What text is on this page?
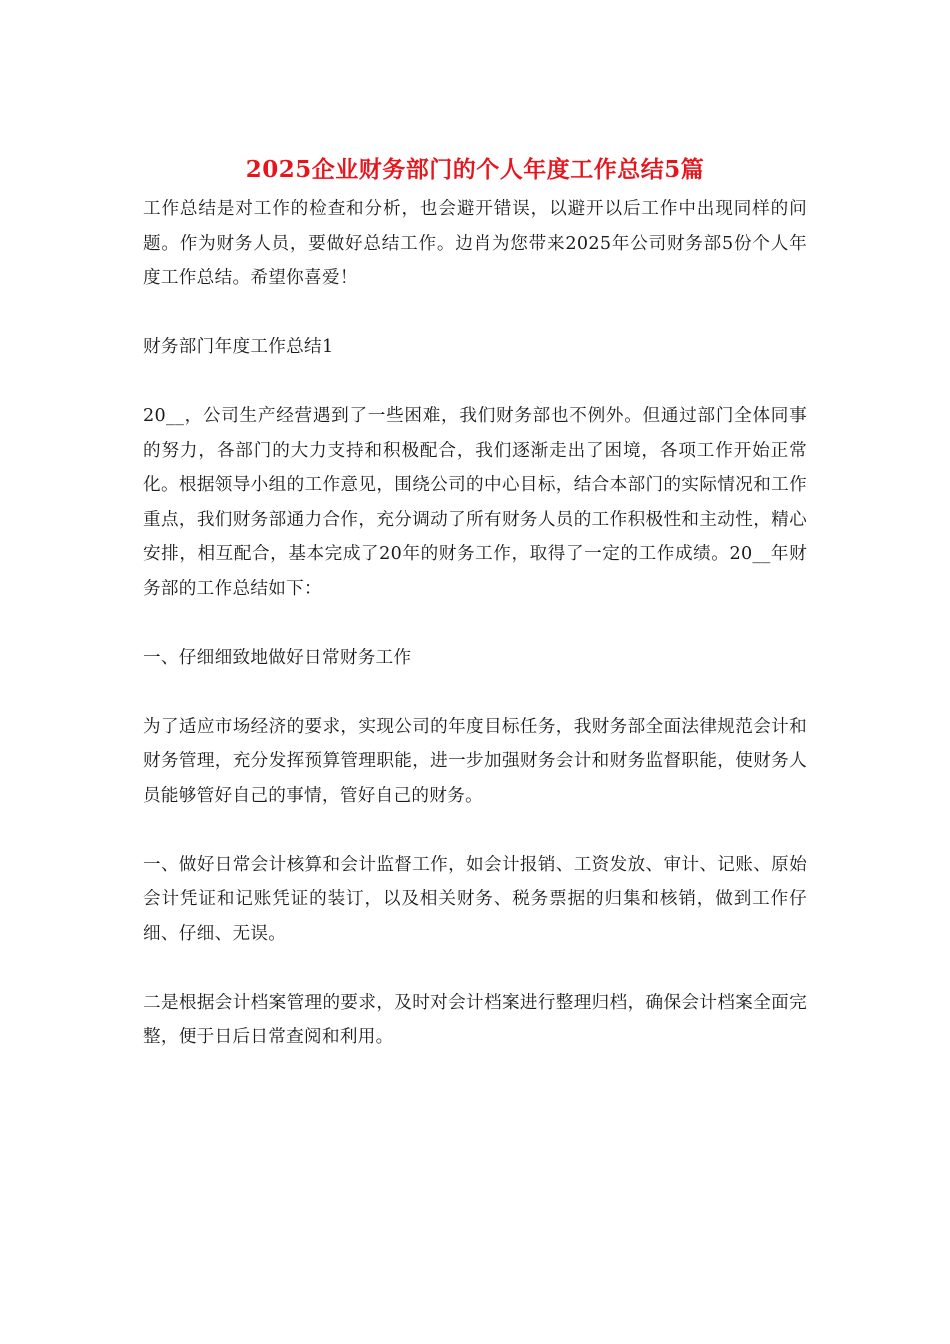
2025企业财务部门的个人年度工作总结5篇

工作总结是对工作的检查和分析，也会避开错误，以避开以后工作中出现同样的问题。作为财务人员，要做好总结工作。边肖为您带来2025年公司财务部5份个人年度工作总结。希望你喜爱！

财务部门年度工作总结1

20__，公司生产经营遇到了一些困难，我们财务部也不例外。但通过部门全体同事的努力，各部门的大力支持和积极配合，我们逐渐走出了困境，各项工作开始正常化。根据领导小组的工作意见，围绕公司的中心目标，结合本部门的实际情况和工作重点，我们财务部通力合作，充分调动了所有财务人员的工作积极性和主动性，精心安排，相互配合，基本完成了20年的财务工作，取得了一定的工作成绩。20__年财务部的工作总结如下：

一、仔细细致地做好日常财务工作

为了适应市场经济的要求，实现公司的年度目标任务，我财务部全面法律规范会计和财务管理，充分发挥预算管理职能，进一步加强财务会计和财务监督职能，使财务人员能够管好自己的事情，管好自己的财务。

一、做好日常会计核算和会计监督工作，如会计报销、工资发放、审计、记账、原始会计凭证和记账凭证的装订，以及相关财务、税务票据的归集和核销，做到工作仔细、仔细、无误。

二是根据会计档案管理的要求，及时对会计档案进行整理归档，确保会计档案全面完整，便于日后日常查阅和利用。
